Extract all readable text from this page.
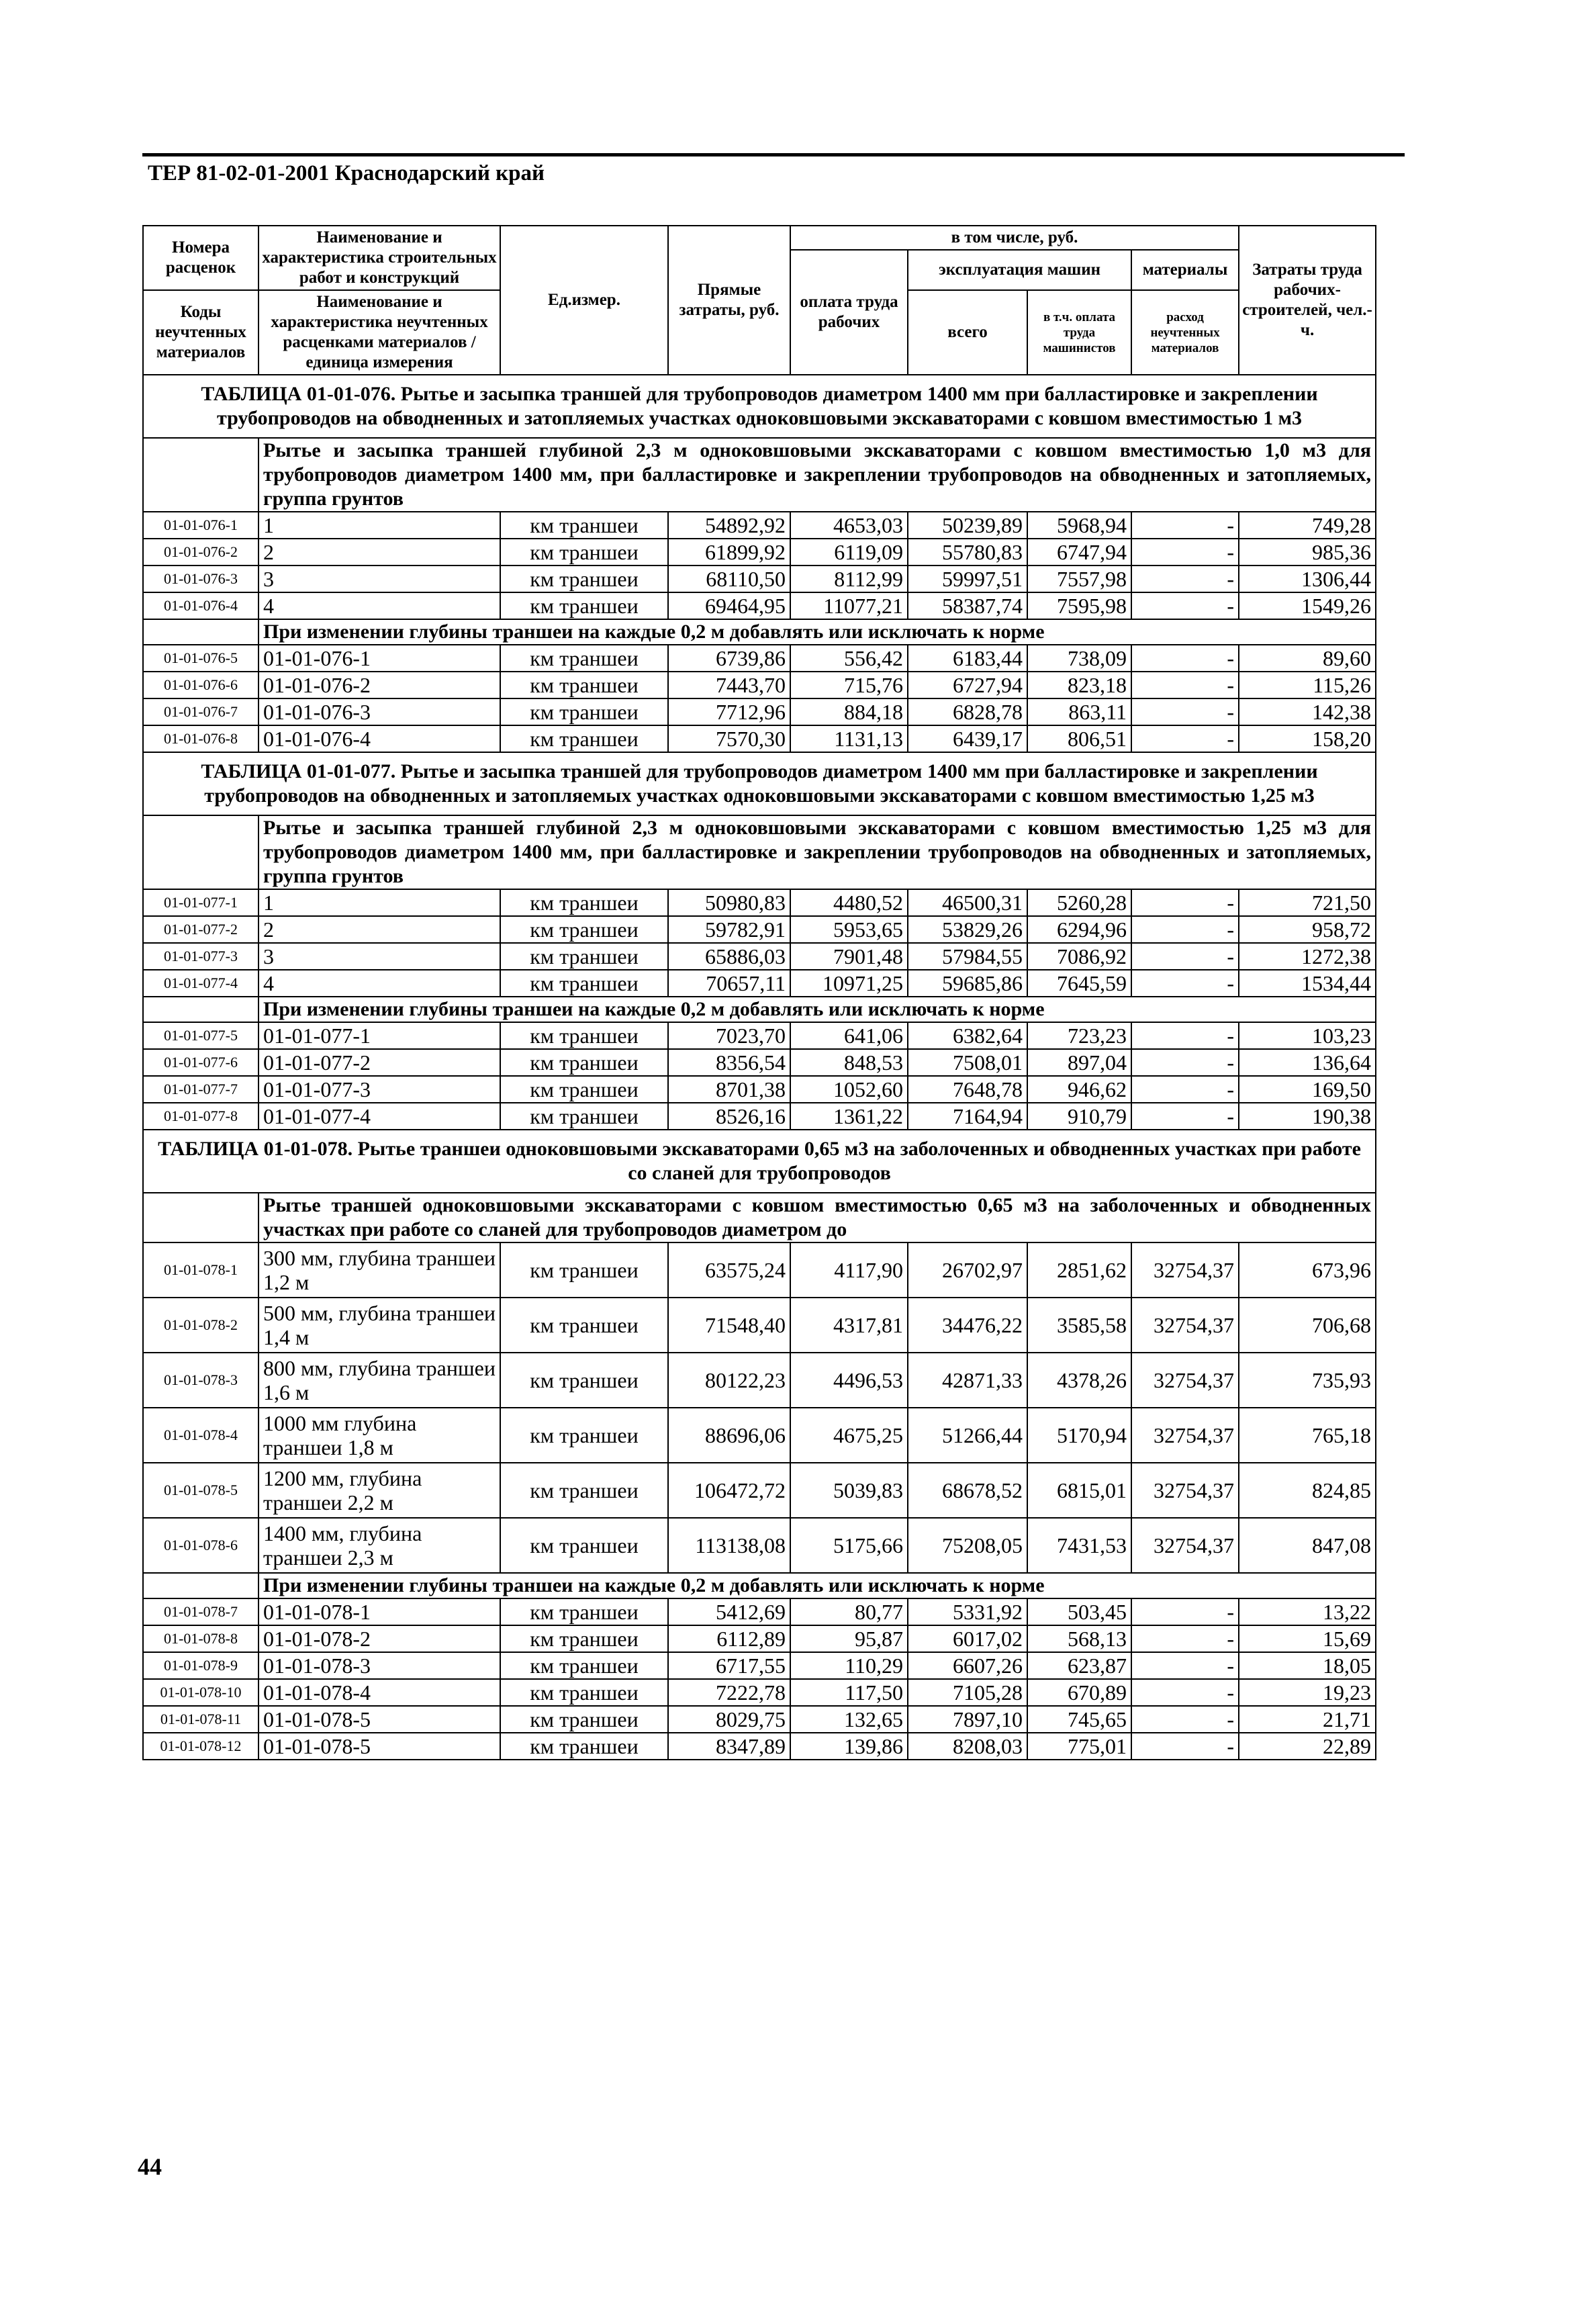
ТЕР 81-02-01-2001 Краснодарский край
Номера расценок	Наименование и характеристика строительных работ и конструкций	Ед.измер.	Прямые затраты, руб.	в том числе, руб.				Затраты труда рабочих-строителей, чел.-ч.
				оплата труда рабочих	эксплуатация машин		материалы	
Коды неучтенных материалов	Наименование и характеристика неучтенных расценками материалов / единица измерения				всего	в т.ч. оплата труда машинистов	расход неучтенных материалов	

ТАБЛИЦА 01-01-076. Рытье и засыпка траншей для трубопроводов диаметром 1400 мм при балластировке и закреплении трубопроводов на обводненных и затопляемых участках одноковшовыми экскаваторами с ковшом вместимостью 1 м3								
	Рытье и засыпка траншей глубиной 2,3 м одноковшовыми экскаваторами с ковшом вместимостью 1,0 м3 для трубопроводов диаметром 1400 мм, при балластировке и закреплении трубопроводов на обводненных и затопляемых, группа грунтов							
01-01-076-1	1	км траншеи	54892,92	4653,03	50239,89	5968,94	-	749,28
01-01-076-2	2	км траншеи	61899,92	6119,09	55780,83	6747,94	-	985,36
01-01-076-3	3	км траншеи	68110,50	8112,99	59997,51	7557,98	-	1306,44
01-01-076-4	4	км траншеи	69464,95	11077,21	58387,74	7595,98	-	1549,26
	При изменении глубины траншеи на каждые 0,2 м добавлять или исключать к норме							
01-01-076-5	01-01-076-1	км траншеи	6739,86	556,42	6183,44	738,09	-	89,60
01-01-076-6	01-01-076-2	км траншеи	7443,70	715,76	6727,94	823,18	-	115,26
01-01-076-7	01-01-076-3	км траншеи	7712,96	884,18	6828,78	863,11	-	142,38
01-01-076-8	01-01-076-4	км траншеи	7570,30	1131,13	6439,17	806,51	-	158,20
ТАБЛИЦА 01-01-077. Рытье и засыпка траншей для трубопроводов диаметром 1400 мм при балластировке и закреплении трубопроводов на обводненных и затопляемых участках одноковшовыми экскаваторами с ковшом вместимостью 1,25 м3								
	Рытье и засыпка траншей глубиной 2,3 м одноковшовыми экскаваторами с ковшом вместимостью 1,25 м3 для трубопроводов диаметром 1400 мм, при балластировке и закреплении трубопроводов на обводненных и затопляемых, группа грунтов							
01-01-077-1	1	км траншеи	50980,83	4480,52	46500,31	5260,28	-	721,50
01-01-077-2	2	км траншеи	59782,91	5953,65	53829,26	6294,96	-	958,72
01-01-077-3	3	км траншеи	65886,03	7901,48	57984,55	7086,92	-	1272,38
01-01-077-4	4	км траншеи	70657,11	10971,25	59685,86	7645,59	-	1534,44
	При изменении глубины траншеи на каждые 0,2 м добавлять или исключать к норме							
01-01-077-5	01-01-077-1	км траншеи	7023,70	641,06	6382,64	723,23	-	103,23
01-01-077-6	01-01-077-2	км траншеи	8356,54	848,53	7508,01	897,04	-	136,64
01-01-077-7	01-01-077-3	км траншеи	8701,38	1052,60	7648,78	946,62	-	169,50
01-01-077-8	01-01-077-4	км траншеи	8526,16	1361,22	7164,94	910,79	-	190,38
ТАБЛИЦА 01-01-078. Рытье траншеи одноковшовыми экскаваторами 0,65 м3 на заболоченных и обводненных участках при работе со сланей для трубопроводов								
	Рытье траншей одноковшовыми экскаваторами с ковшом вместимостью 0,65 м3 на заболоченных и обводненных участках при работе со сланей для трубопроводов диаметром до							
01-01-078-1	300 мм, глубина траншеи 1,2 м	км траншеи	63575,24	4117,90	26702,97	2851,62	32754,37	673,96
01-01-078-2	500 мм, глубина траншеи 1,4 м	км траншеи	71548,40	4317,81	34476,22	3585,58	32754,37	706,68
01-01-078-3	800 мм, глубина траншеи 1,6 м	км траншеи	80122,23	4496,53	42871,33	4378,26	32754,37	735,93
01-01-078-4	1000 мм глубина траншеи 1,8 м	км траншеи	88696,06	4675,25	51266,44	5170,94	32754,37	765,18
01-01-078-5	1200 мм, глубина траншеи 2,2 м	км траншеи	106472,72	5039,83	68678,52	6815,01	32754,37	824,85
01-01-078-6	1400 мм, глубина траншеи 2,3 м	км траншеи	113138,08	5175,66	75208,05	7431,53	32754,37	847,08
	При изменении глубины траншеи на каждые 0,2 м добавлять или исключать к норме							
01-01-078-7	01-01-078-1	км траншеи	5412,69	80,77	5331,92	503,45	-	13,22
01-01-078-8	01-01-078-2	км траншеи	6112,89	95,87	6017,02	568,13	-	15,69
01-01-078-9	01-01-078-3	км траншеи	6717,55	110,29	6607,26	623,87	-	18,05
01-01-078-10	01-01-078-4	км траншеи	7222,78	117,50	7105,28	670,89	-	19,23
01-01-078-11	01-01-078-5	км траншеи	8029,75	132,65	7897,10	745,65	-	21,71
01-01-078-12	01-01-078-5	км траншеи	8347,89	139,86	8208,03	775,01	-	22,89
44
